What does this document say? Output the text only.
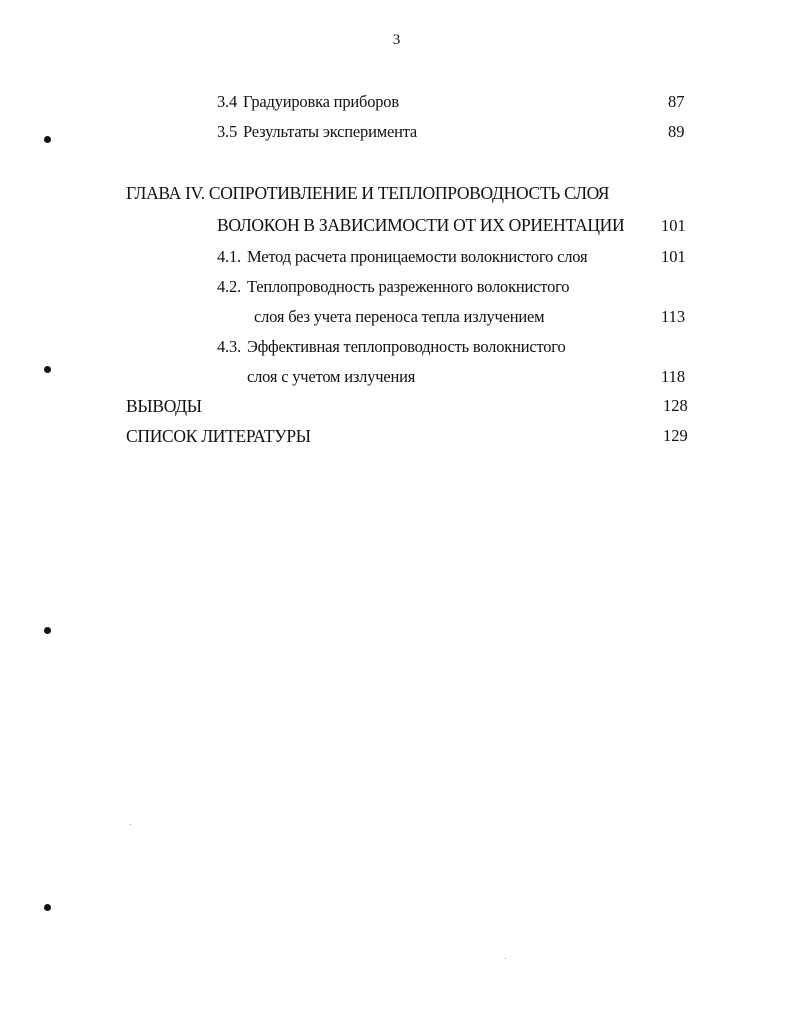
3
3.4 Градуировка приборов	87
3.5 Результаты эксперимента	89
ГЛАВА IV. СОПРОТИВЛЕНИЕ И ТЕПЛОПРОВОДНОСТЬ СЛОЯ
ВОЛОКОН В ЗАВИСИМОСТИ ОТ ИХ ОРИЕНТАЦИИ 101
4.1. Метод расчета проницаемости волокнистого слоя	101
4.2. Теплопроводность разреженного волокнистого
слоя без учета переноса тепла излучением	113
4.3. Эффективная теплопроводность волокнистого
слоя с учетом излучения	118
ВЫВОДЫ	128
СПИСОК ЛИТЕРАТУРЫ	129
